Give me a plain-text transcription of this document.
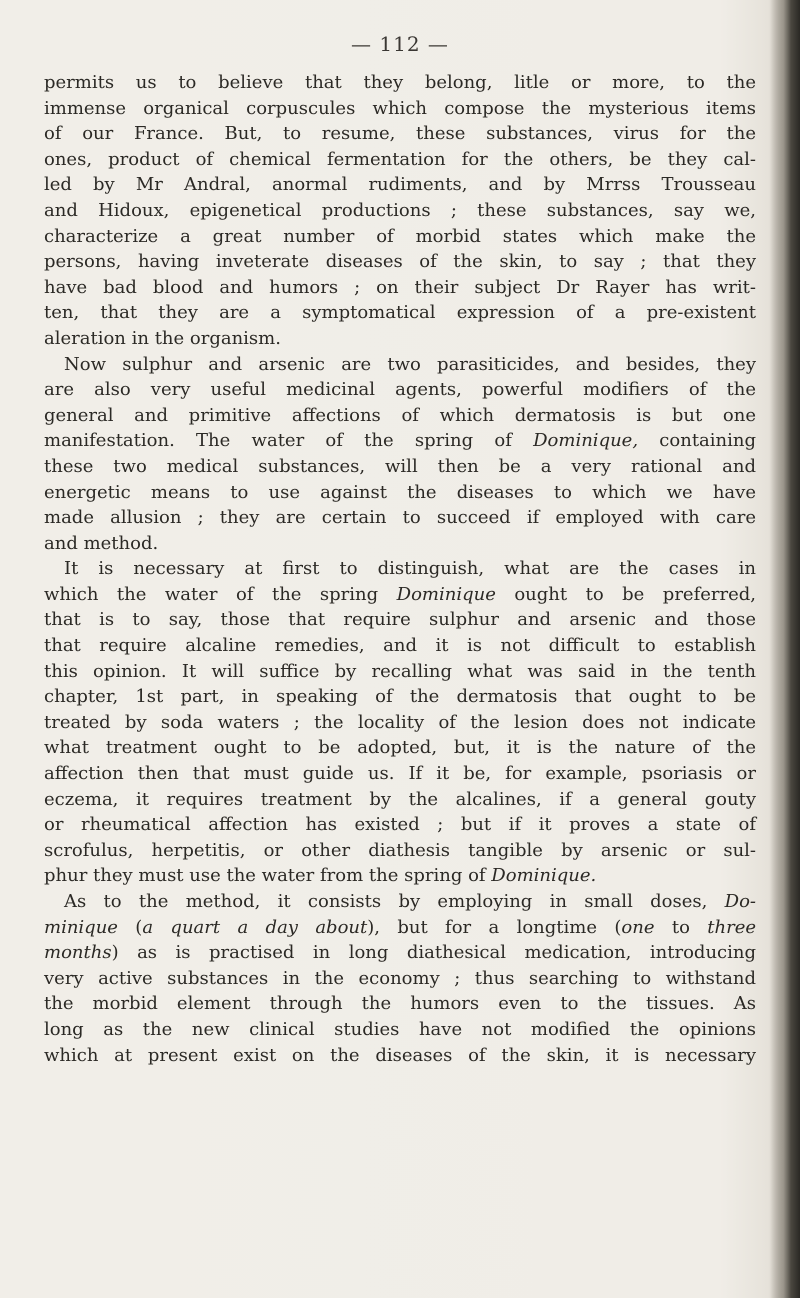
— 112 —

permits us to believe that they belong, litle or more, to the
immense organical corpuscules which compose the mysterious items
of our France. But, to resume, these substances, virus for the
ones, product of chemical fermentation for the others, be they cal-
led by Mr Andral, anormal rudiments, and by Mrrss Trousseau
and Hidoux, epigenetical productions ; these substances, say we,
characterize a great number of morbid states which make the
persons, having inveterate diseases of the skin, to say ; that they
have bad blood and humors ; on their subject Dr Rayer has writ-
ten, that they are a symptomatical expression of a pre-existent
aleration in the organism.
Now sulphur and arsenic are two parasiticides, and besides, they
are also very useful medicinal agents, powerful modifiers of the
general and primitive affections of which dermatosis is but one
manifestation. The water of the spring of Dominique, containing
these two medical substances, will then be a very rational and
energetic means to use against the diseases to which we have
made allusion ; they are certain to succeed if employed with care
and method.
It is necessary at first to distinguish, what are the cases in
which the water of the spring Dominique ought to be preferred,
that is to say, those that require sulphur and arsenic and those
that require alcaline remedies, and it is not difficult to establish
this opinion. It will suffice by recalling what was said in the tenth
chapter, 1st part, in speaking of the dermatosis that ought to be
treated by soda waters ; the locality of the lesion does not indicate
what treatment ought to be adopted, but, it is the nature of the
affection then that must guide us. If it be, for example, psoriasis or
eczema, it requires treatment by the alcalines, if a general gouty
or rheumatical affection has existed ; but if it proves a state of
scrofulus, herpetitis, or other diathesis tangible by arsenic or sul-
phur they must use the water from the spring of Dominique.
As to the method, it consists by employing in small doses, Do-
minique (a quart a day about), but for a longtime (one to three
months) as is practised in long diathesical medication, introducing
very active substances in the economy ; thus searching to withstand
the morbid element through the humors even to the tissues. As
long as the new clinical studies have not modified the opinions
which at present exist on the diseases of the skin, it is necessary
